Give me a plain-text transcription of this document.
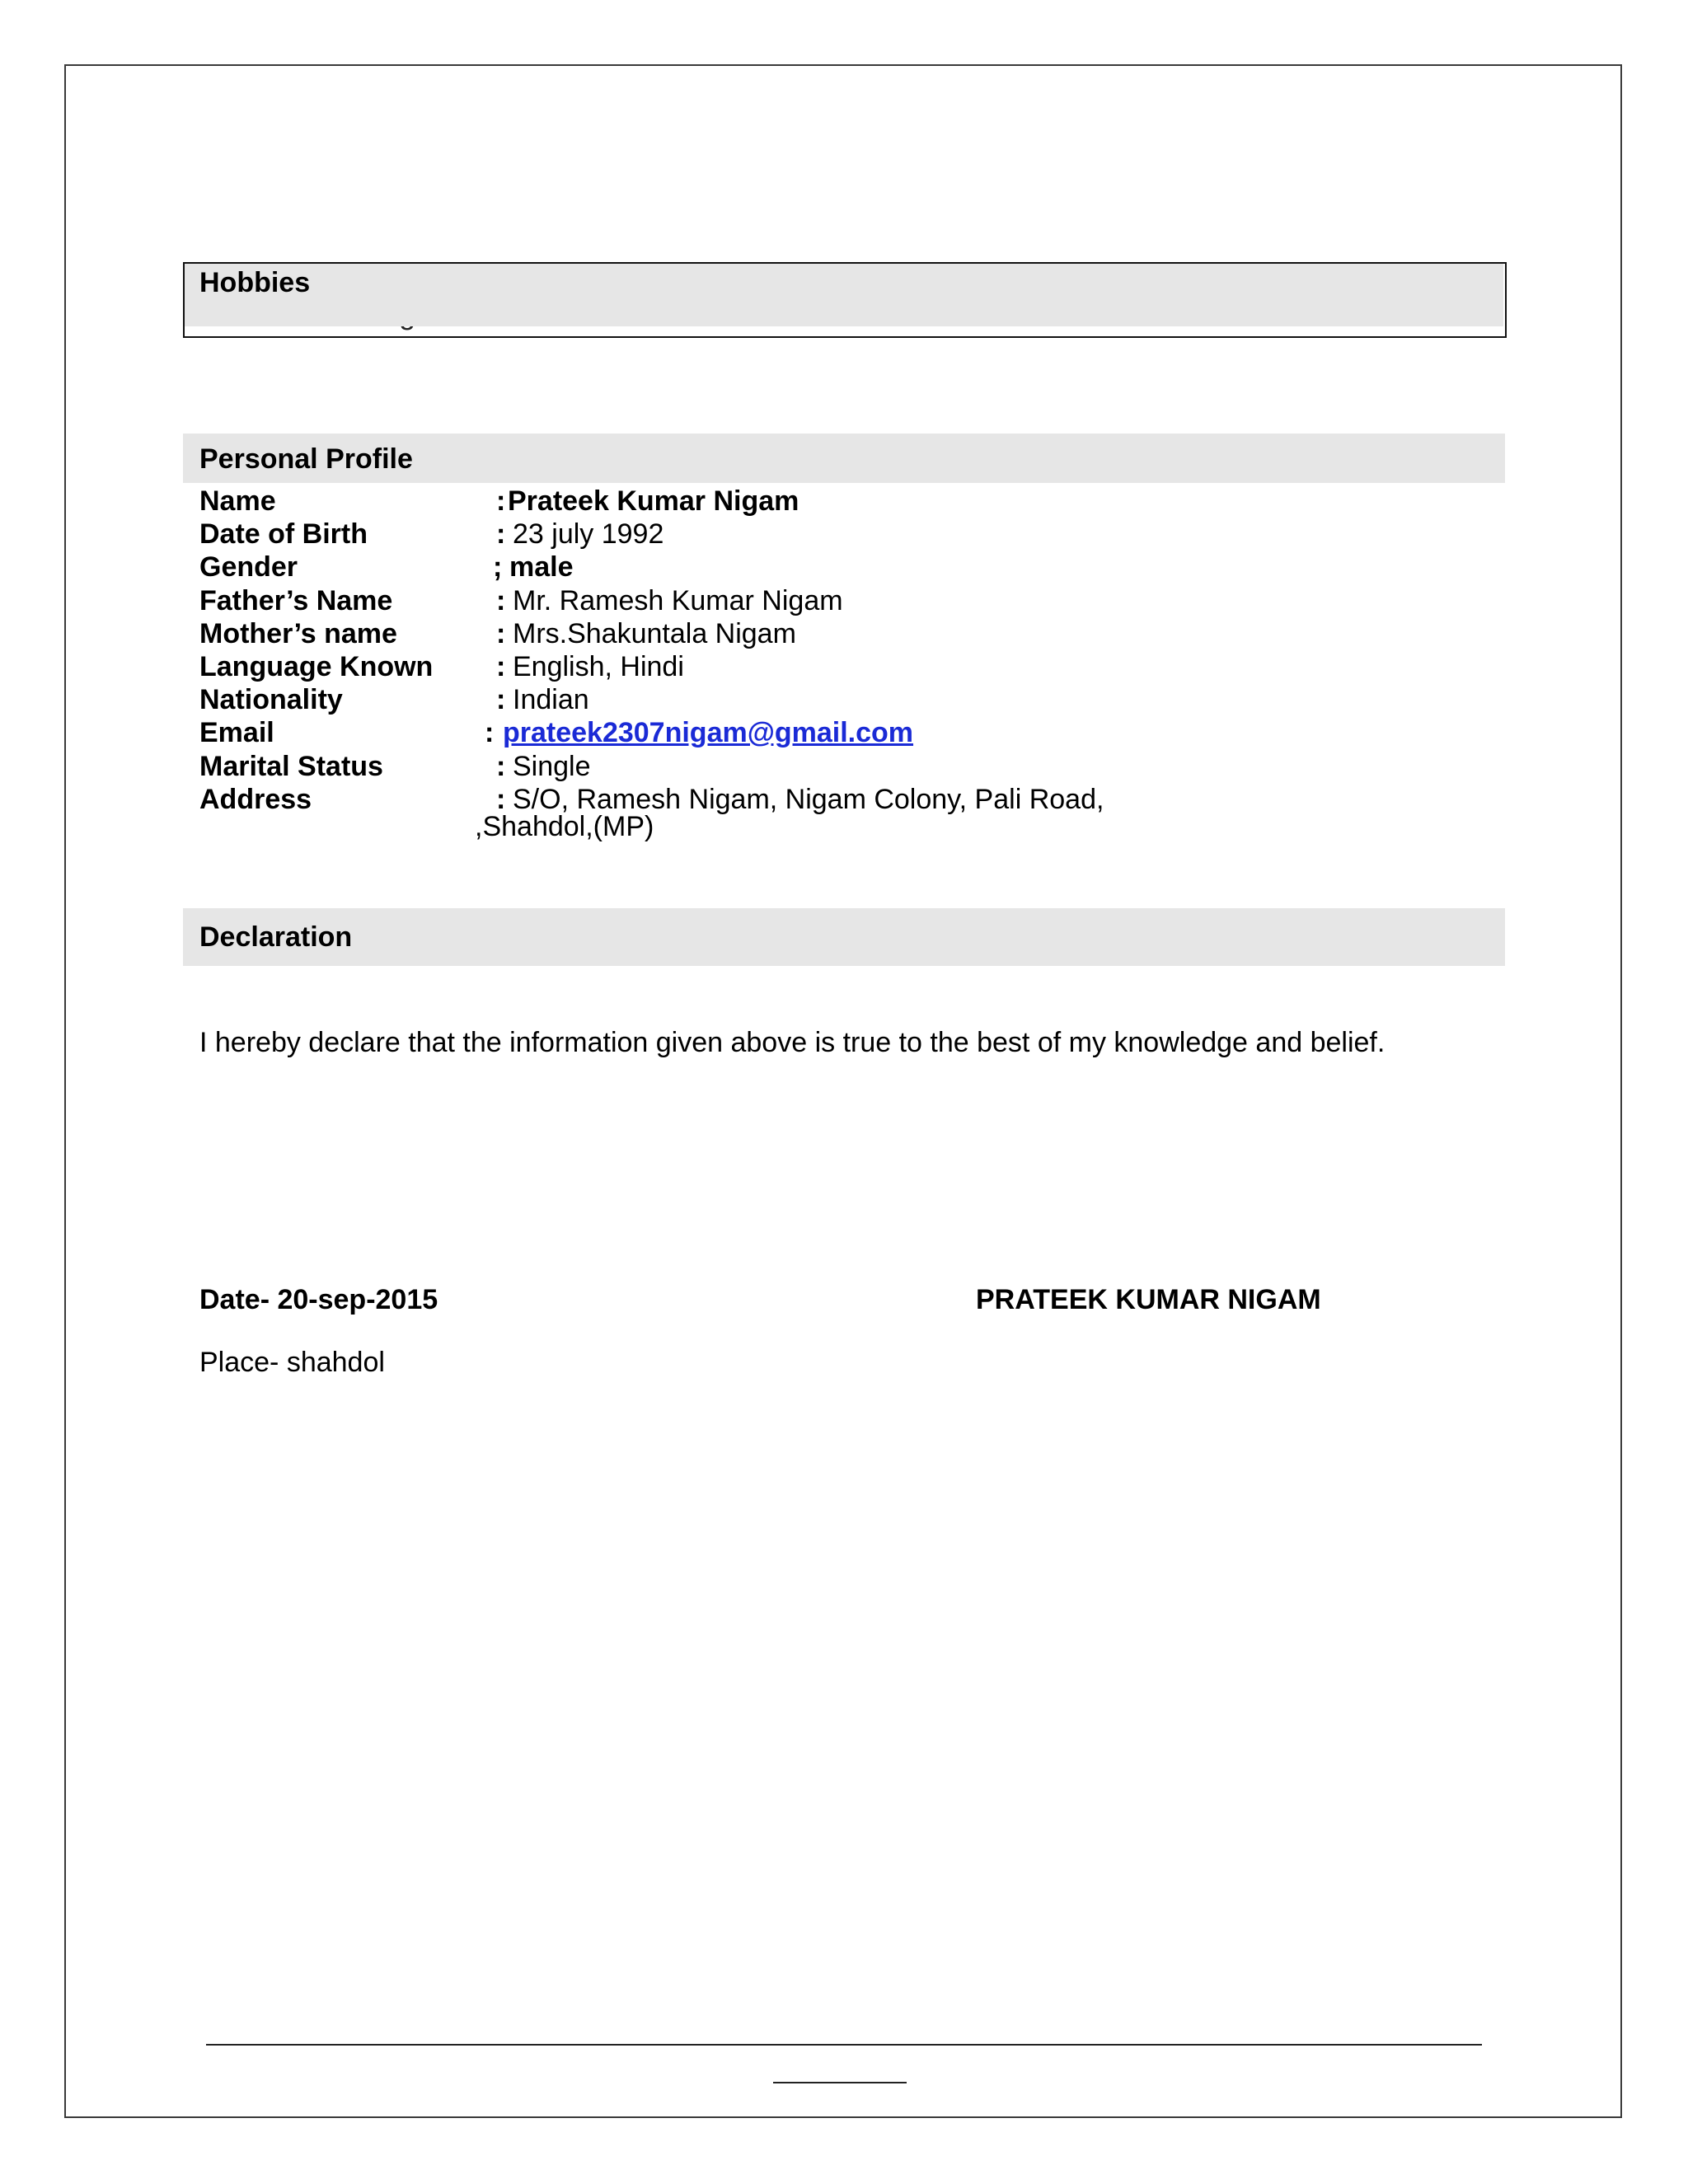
Hobbies
Personal Profile
Name	: Prateek Kumar Nigam
Date of Birth	: 23 july 1992
Gender	; male
Father’s Name	: Mr. Ramesh Kumar Nigam
Mother’s name	: Mrs.Shakuntala Nigam
Language Known : English, Hindi
Nationality	: Indian
Email	: prateek2307nigam@gmail.com
Marital Status	: Single
Address	: S/O, Ramesh Nigam, Nigam Colony, Pali Road,
,Shahdol,(MP)
Declaration
I hereby declare that the information given above is true to the best of my knowledge and belief.
Date- 20-sep-2015	PRATEEK KUMAR NIGAM
Place- shahdol
